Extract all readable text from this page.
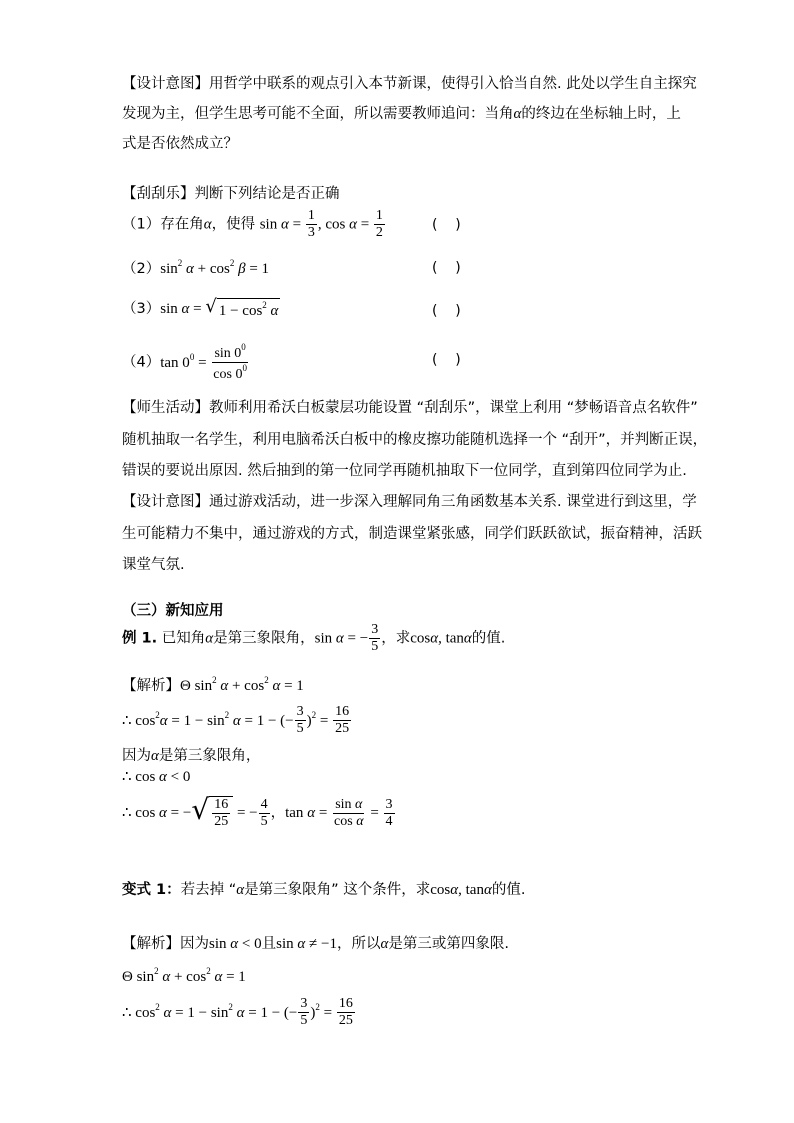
【设计意图】用哲学中联系的观点引入本节新课，使得引入恰当自然. 此处以学生自主探究
发现为主，但学生思考可能不全面，所以需要教师追问：当角α的终边在坐标轴上时，上
式是否依然成立？
【刮刮乐】判断下列结论是否正确
（1）存在角α，使得 $\sin \alpha = \frac{1}{3}$ , $\cos \alpha = \frac{1}{2}$	(    )
$(2)\sin^2$ $\alpha + \cos^2 \beta = 1$	(    )
（3）sin α = √ $1 - \cos^2 \alpha$	(    )
（4）tan $0^0 = \frac{\sin 0^0}{\cos 0^0}$	(    )
【师生活动】教师利用希沃白板蒙层功能设置 “刮刮乐”，课堂上利用 “梦畅语音点名软件”
随机抽取一名学生，利用电脑希沃白板中的橡皮擦功能随机选择一个 “刮开”，并判断正误，
错误的要说出原因. 然后抽到的第一位同学再随机抽取下一位同学，直到第四位同学为止.
【设计意图】通过游戏活动，进一步深入理解同角三角函数基本关系. 课堂进行到这里，学
生可能精力不集中，通过游戏的方式，制造课堂紧张感，同学们跃跃欲试，振奋精神，活跃
课堂气氛.
（三）新知应用
例 1. 已知角α是第三象限角，sin α = − $\frac{3}{5}$ ，求cosα, tanα的值.
【解析】Θ $\sin^2 \alpha + \cos^2 \alpha = 1$
∴ $\cos^2\alpha = 1 - \sin^2 \alpha = 1$ − (− $\frac{3}{5} )^2 = \frac{16}{25}$
因为α是第三象限角，
∴ cos α < 0
∴ cos α = − √ $\frac{16}{25}$ = − $\frac{4}{5}$ ，$\tan \alpha = \frac{\text{sin α}}{\text{cos α}} = \frac{3}{4}$
变式 1：若去掉 “α是第三象限角” 这个条件，求cosα, tanα的值.
【解析】因为sin α < 0且sin α ≠ −1，所以α是第三或第四象限.
Θ $\sin^2 \alpha + \cos^2 \alpha = 1$
∴ $\cos^2 \alpha = 1 - \sin^2 \alpha = 1$ − (− $\frac{3}{5} )^2 = \frac{16}{25}$
